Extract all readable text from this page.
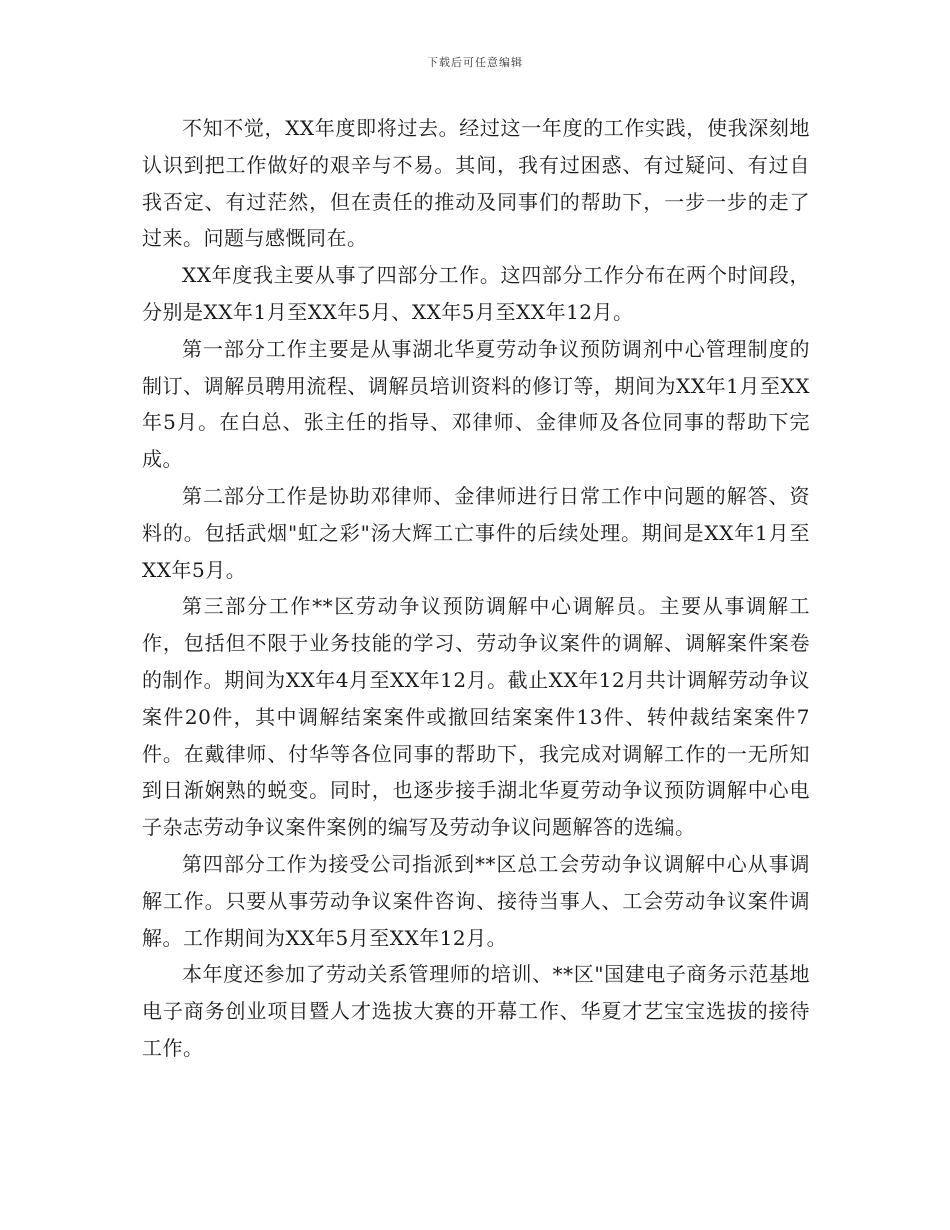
下载后可任意编辑

不知不觉，XX年度即将过去。经过这一年度的工作实践，使我深刻地认识到把工作做好的艰辛与不易。其间，我有过困惑、有过疑问、有过自我否定、有过茫然，但在责任的推动及同事们的帮助下，一步一步的走了过来。问题与感慨同在。

XX年度我主要从事了四部分工作。这四部分工作分布在两个时间段，分别是XX年1月至XX年5月、XX年5月至XX年12月。

第一部分工作主要是从事湖北华夏劳动争议预防调剂中心管理制度的制订、调解员聘用流程、调解员培训资料的修订等，期间为XX年1月至XX年5月。在白总、张主任的指导、邓律师、金律师及各位同事的帮助下完成。

第二部分工作是协助邓律师、金律师进行日常工作中问题的解答、资料的。包括武烟"虹之彩"汤大辉工亡事件的后续处理。期间是XX年1月至XX年5月。

第三部分工作**区劳动争议预防调解中心调解员。主要从事调解工作，包括但不限于业务技能的学习、劳动争议案件的调解、调解案件案卷的制作。期间为XX年4月至XX年12月。截止XX年12月共计调解劳动争议案件20件，其中调解结案案件或撤回结案案件13件、转仲裁结案案件7件。在戴律师、付华等各位同事的帮助下，我完成对调解工作的一无所知到日渐娴熟的蜕变。同时，也逐步接手湖北华夏劳动争议预防调解中心电子杂志劳动争议案件案例的编写及劳动争议问题解答的选编。

第四部分工作为接受公司指派到**区总工会劳动争议调解中心从事调解工作。只要从事劳动争议案件咨询、接待当事人、工会劳动争议案件调解。工作期间为XX年5月至XX年12月。

本年度还参加了劳动关系管理师的培训、**区"国建电子商务示范基地电子商务创业项目暨人才选拔大赛的开幕工作、华夏才艺宝宝选拔的接待工作。
